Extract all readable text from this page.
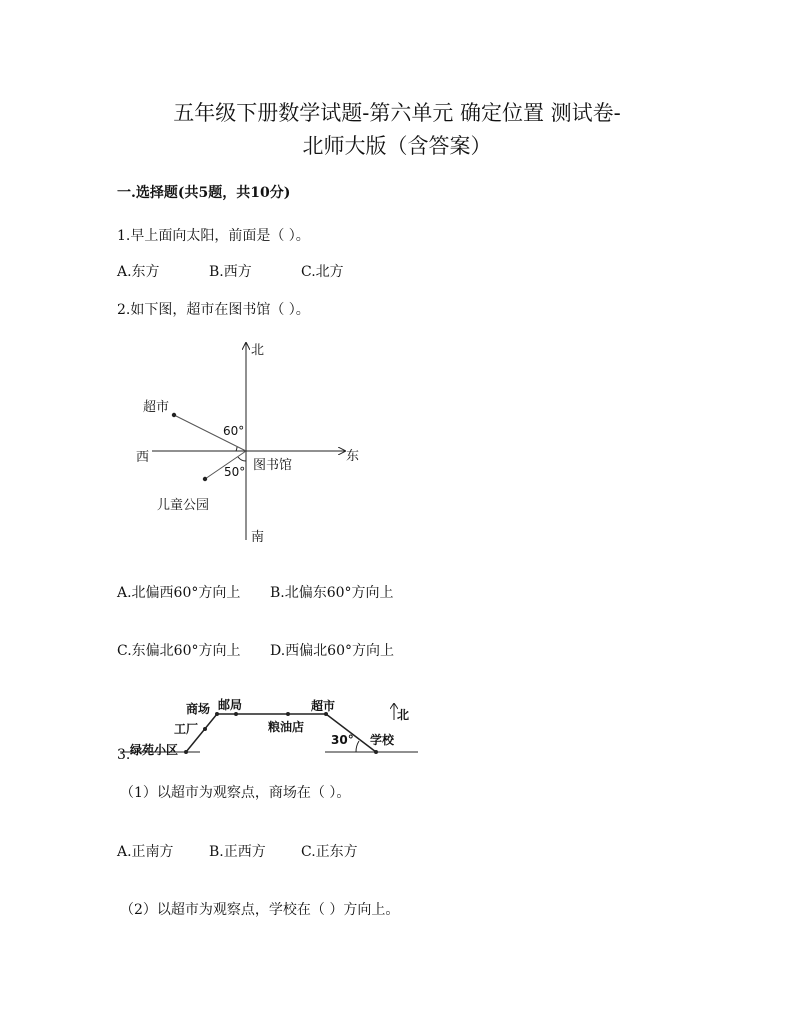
五年级下册数学试题-第六单元 确定位置 测试卷-
北师大版（含答案）
一.选择题(共5题，共10分)
1.早上面向太阳，前面是（ ）。
A.东方	B.西方	C.北方
2.如下图，超市在图书馆（ ）。
北
南
东
西
图书馆
超市
儿童公园
60°
50°
A.北偏西60°方向上 B.北偏东60°方向上
C.东偏北60°方向上 D.西偏北60°方向上
商场 邮局	超市
工厂	粮油店
绿苑小区
学校
30°
北
3.
（1）以超市为观察点，商场在（ ）。
A.正南方	B.正西方	C.正东方
（2）以超市为观察点，学校在（ ）方向上。
